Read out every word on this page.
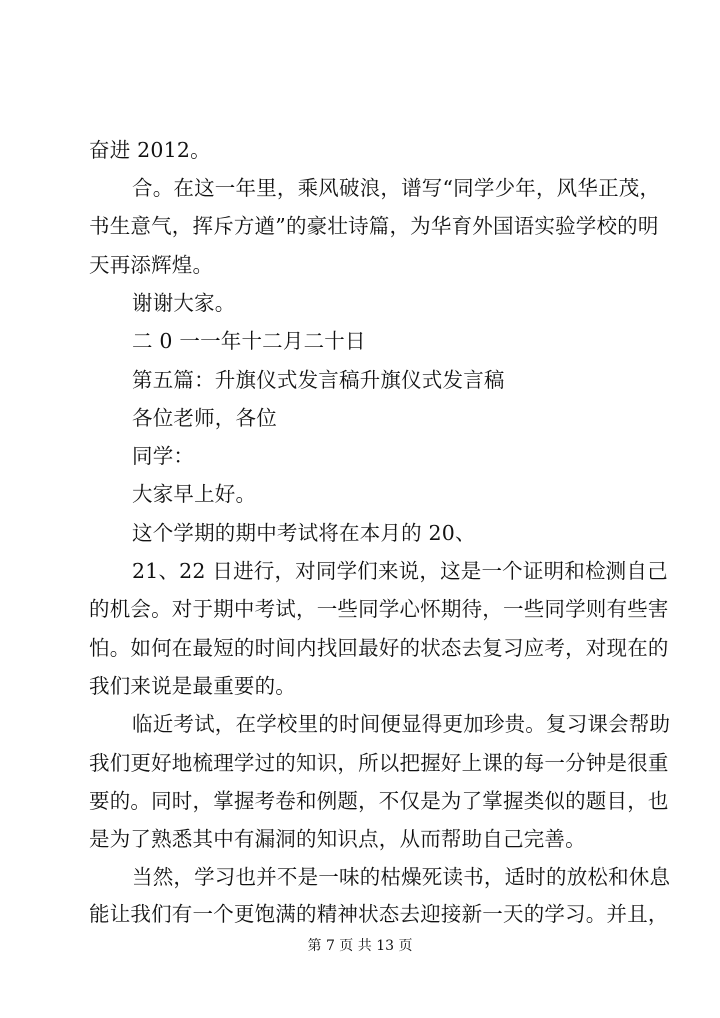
奋进 2012。
合。在这一年里，乘风破浪，谱写“同学少年，风华正茂，
书生意气，挥斥方遒”的豪壮诗篇，为华育外国语实验学校的明
天再添辉煌。
谢谢大家。
二 0 一一年十二月二十日
第五篇：升旗仪式发言稿升旗仪式发言稿
各位老师，各位
同学：
大家早上好。
这个学期的期中考试将在本月的 20、
21、22 日进行，对同学们来说，这是一个证明和检测自己
的机会。对于期中考试，一些同学心怀期待，一些同学则有些害
怕。如何在最短的时间内找回最好的状态去复习应考，对现在的
我们来说是最重要的。
临近考试，在学校里的时间便显得更加珍贵。复习课会帮助
我们更好地梳理学过的知识，所以把握好上课的每一分钟是很重
要的。同时，掌握考卷和例题，不仅是为了掌握类似的题目，也
是为了熟悉其中有漏洞的知识点，从而帮助自己完善。
当然，学习也并不是一味的枯燥死读书，适时的放松和休息
能让我们有一个更饱满的精神状态去迎接新一天的学习。并且，
第 7 页 共 13 页
